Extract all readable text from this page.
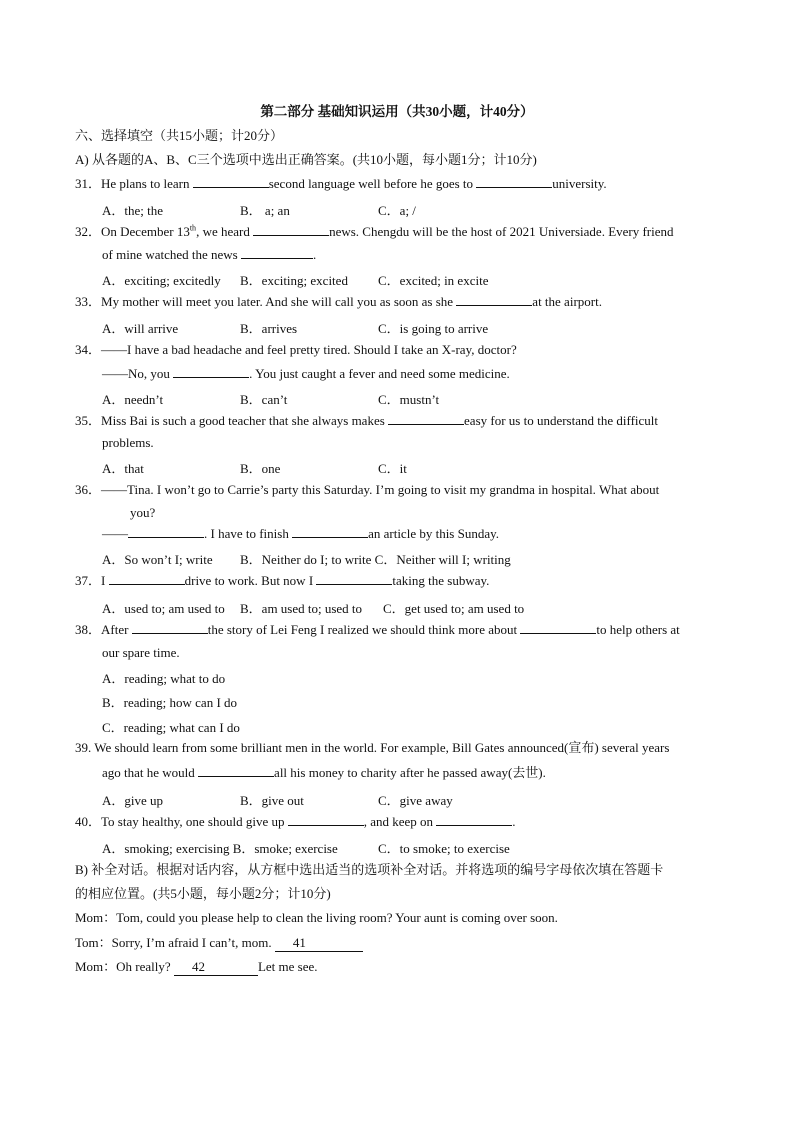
第二部分 基础知识运用（共30小题，计40分）
六、选择填空（共15小题；计20分）
A) 从各题的A、B、C三个选项中选出正确答案。(共10小题，每小题1分；计10分)
31．He plans to learn	second language well before he goes to	university.
A．the; the	B． a; an	C．a; /
32．On December 13th, we heard	news. Chengdu will be the host of 2021 Universiade. Every friend
of mine watched the news	.
A．exciting; excitedly B．exciting; excited C．excited; in excite
33．My mother will meet you later. And she will call you as soon as she	at the airport.
A．will arrive	B．arrives	C．is going to arrive
34．——I have a bad headache and feel pretty tired. Should I take an X-ray, doctor?
——No, you	. You just caught a fever and need some medicine.
A．needn’t	B．can’t	C．mustn’t
35．Miss Bai is such a good teacher that she always makes	easy for us to understand the difficult
problems.
A．that	B．one	C．it
36．——Tina. I won’t go to Carrie’s party this Saturday. I’m going to visit my grandma in hospital. What about
you?
——	. I have to finish	an article by this Sunday.
A．So won’t I; write B．Neither do I; to write C．Neither will I; writing
37．I	drive to work. But now I	taking the subway.
A．used to; am used to B．am used to; used to C．get used to; am used to
38．After	the story of Lei Feng I realized we should think more about	to help others at
our spare time.
A．reading; what to do
B．reading; how can I do
C．reading; what can I do
39. We should learn from some brilliant men in the world. For example, Bill Gates announced(宣布) several years
ago that he would	all his money to charity after he passed away(去世).
A．give up	B．give out	C．give away
40．To stay healthy, one should give up	, and keep on	.
A．smoking; exercising B．smoke; exercise	C．to smoke; to exercise
B) 补全对话。根据对话内容，从方框中选出适当的选项补全对话。并将选项的编号字母依次填在答题卡
的相应位置。(共5小题，每小题2分；计10分)
Mom：Tom, could you please help to clean the living room? Your aunt is coming over soon.
Tom：Sorry, I’m afraid I can’t, mom. 41
Mom：Oh really? 42	Let me see.
